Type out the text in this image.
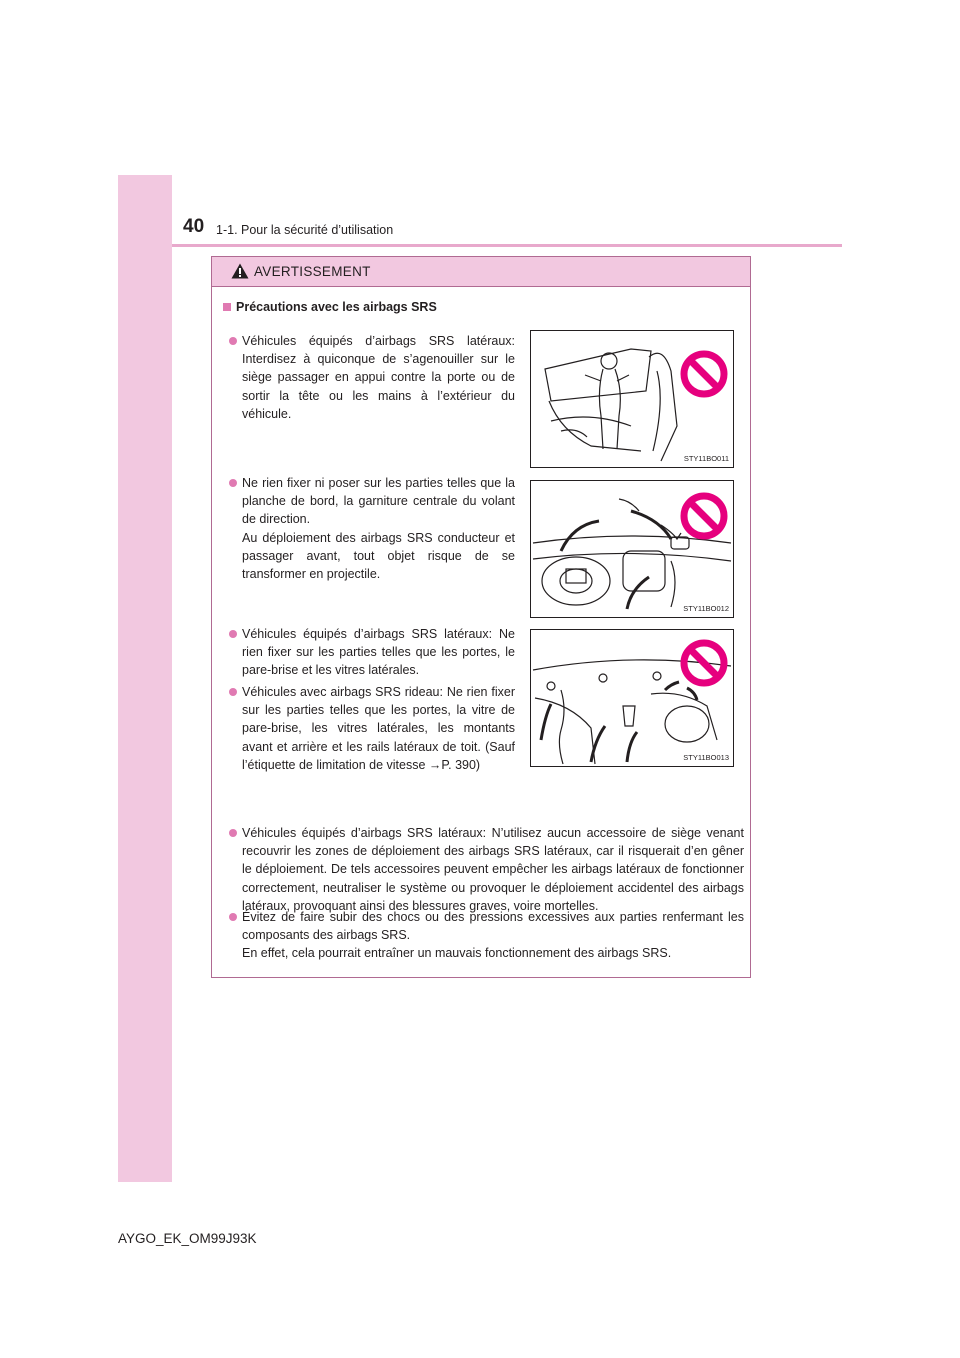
40 1-1. Pour la sécurité d’utilisation
AVERTISSEMENT
Précautions avec les airbags SRS

Véhicules équipés d’airbags SRS latéraux: Interdisez à quiconque de s’agenouiller sur le siège passager en appui contre la porte ou de sortir la tête ou les mains à l’extérieur du véhicule.

Ne rien fixer ni poser sur les parties telles que la planche de bord, la garniture centrale du volant de direction.

Au déploiement des airbags SRS conducteur et passager avant, tout objet risque de se transformer en projectile.

Véhicules équipés d’airbags SRS latéraux: Ne rien fixer sur les parties telles que les portes, le pare-brise et les vitres latérales.

Véhicules avec airbags SRS rideau: Ne rien fixer sur les parties telles que les portes, la vitre de pare-brise, les vitres latérales, les montants avant et arrière et les rails latéraux de toit. (Sauf l’étiquette de limitation de vitesse →P. 390)

Véhicules équipés d’airbags SRS latéraux: N’utilisez aucun accessoire de siège venant recouvrir les zones de déploiement des airbags SRS latéraux, car il risquerait d’en gêner le déploiement. De tels accessoires peuvent empêcher les airbags latéraux de fonctionner correctement, neutraliser le système ou provoquer le déploiement accidentel des airbags latéraux, provoquant ainsi des blessures graves, voire mortelles.

Évitez de faire subir des chocs ou des pressions excessives aux parties renfermant les composants des airbags SRS.

En effet, cela pourrait entraîner un mauvais fonctionnement des airbags SRS.

STY11BO011
STY11BO012
STY11BO013
AYGO_EK_OM99J93K
